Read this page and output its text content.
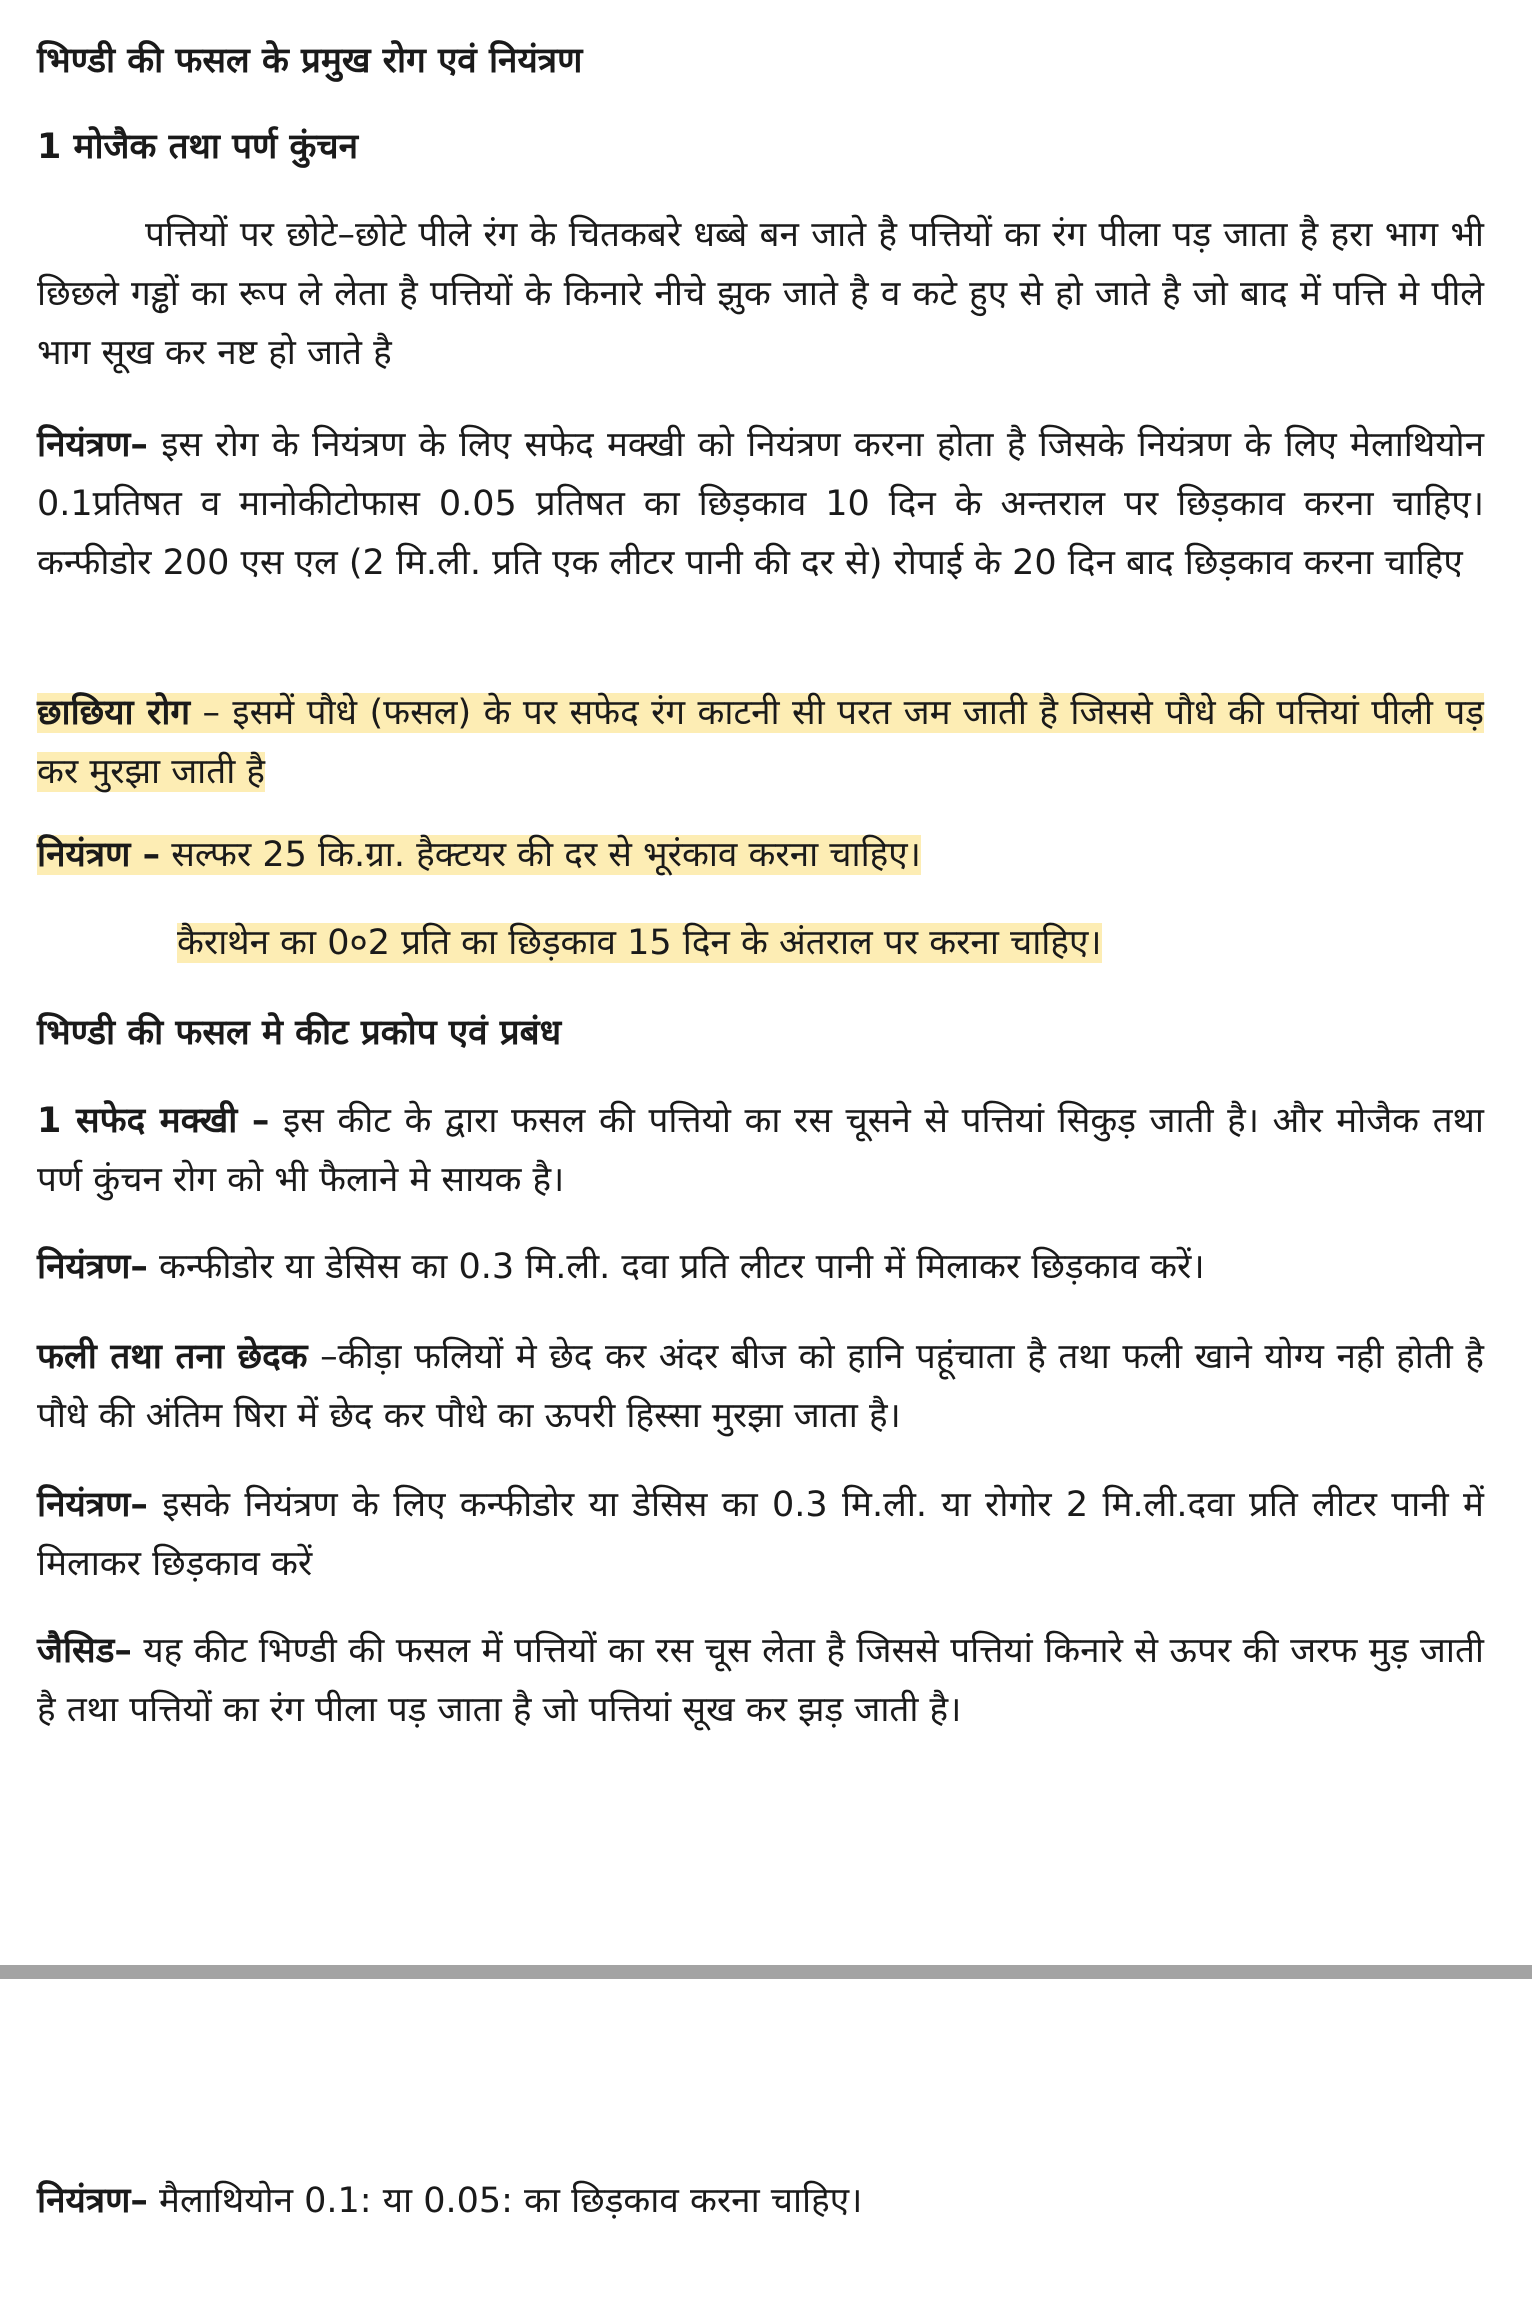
भिण्डी की फसल के प्रमुख रोग एवं नियंत्रण

1 मोजैक तथा पर्ण कुंचन

पत्तियों पर छोटे–छोटे पीले रंग के चितकबरे धब्बे बन जाते है पत्तियों का रंग पीला पड़ जाता है हरा भाग भी छिछले गड्ढों का रूप ले लेता है पत्तियों के किनारे नीचे झुक जाते है व कटे हुए से हो जाते है जो बाद में पत्ति मे पीले भाग सूख कर नष्ट हो जाते है

नियंत्रण– इस रोग के नियंत्रण के लिए सफेद मक्खी को नियंत्रण करना होता है जिसके नियंत्रण के लिए मेलाथियोन 0.1प्रतिषत व मानोकीटोफास 0.05 प्रतिषत का छिड़काव 10 दिन के अन्तराल पर छिड़काव करना चाहिए। कन्फीडोर 200 एस एल (2 मि.ली. प्रति एक लीटर पानी की दर से) रोपाई के 20 दिन बाद छिड़काव करना चाहिए

छाछिया रोग – इसमें पौधे (फसल) के पर सफेद रंग काटनी सी परत जम जाती है जिससे पौधे की पत्तियां पीली पड़ कर मुरझा जाती है

नियंत्रण – सल्फर 25 कि.ग्रा. हैक्टयर की दर से भूरंकाव करना चाहिए।

कैराथेन का 0०2 प्रति का छिड़काव 15 दिन के अंतराल पर करना चाहिए।

भिण्डी की फसल मे कीट प्रकोप एवं प्रबंध

1 सफेद मक्खी – इस कीट के द्वारा फसल की पत्तियो का रस चूसने से पत्तियां सिकुड़ जाती है। और मोजैक तथा पर्ण कुंचन रोग को भी फैलाने मे सायक है।

नियंत्रण– कन्फीडोर या डेसिस का 0.3 मि.ली. दवा प्रति लीटर पानी में मिलाकर छिड़काव करें।

फली तथा तना छेदक –कीड़ा फलियों मे छेद कर अंदर बीज को हानि पहूंचाता है तथा फली खाने योग्य नही होती है पौधे की अंतिम षिरा में छेद कर पौधे का ऊपरी हिस्सा मुरझा जाता है।

नियंत्रण– इसके नियंत्रण के लिए कन्फीडोर या डेसिस का 0.3 मि.ली. या रोगोर 2 मि.ली.दवा प्रति लीटर पानी में मिलाकर छिड़काव करें

जैसिड– यह कीट भिण्डी की फसल में पत्तियों का रस चूस लेता है जिससे पत्तियां किनारे से ऊपर की जरफ मुड़ जाती है तथा पत्तियों का रंग पीला पड़ जाता है जो पत्तियां सूख कर झड़ जाती है।

नियंत्रण– मैलाथियोन 0.1: या 0.05: का छिड़काव करना चाहिए।
